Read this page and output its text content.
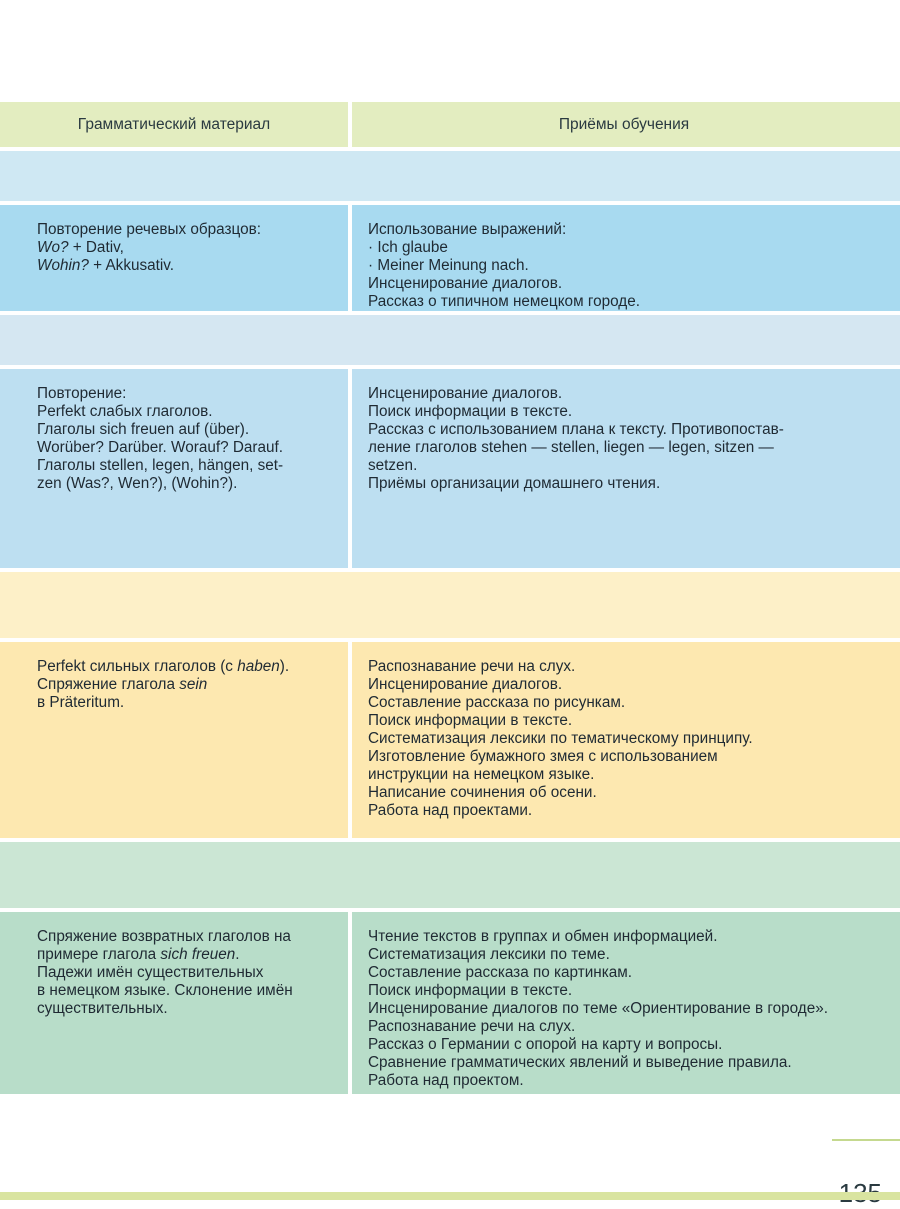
Грамматический материал	Приёмы обучения
Повторение речевых образцов:
Wo? + Dativ,
Wohin? + Akkusativ.
Использование выражений:
· Ich glaube
· Meiner Meinung nach.
Инсценирование диалогов.
Рассказ о типичном немецком городе.
Повторение:
Perfekt слабых глаголов.
Глаголы sich freuen auf (über).
Worüber? Darüber. Worauf? Darauf.
Глаголы stellen, legen, hängen, set-
zen (Was?, Wen?), (Wohin?).
Инсценирование диалогов.
Поиск информации в тексте.
Рассказ с использованием плана к тексту. Противопостав-
ление глаголов stehen — stellen, liegen — legen, sitzen —
setzen.
Приёмы организации домашнего чтения.
Perfekt сильных глаголов (с haben).
Спряжение глагола sein
в Präteritum.
Распознавание речи на слух.
Инсценирование диалогов.
Составление рассказа по рисункам.
Поиск информации в тексте.
Систематизация лексики по тематическому принципу.
Изготовление бумажного змея с использованием
инструкции на немецком языке.
Написание сочинения об осени.
Работа над проектами.
Спряжение возвратных глаголов на
примере глагола sich freuen.
Падежи имён существительных
в немецком языке. Склонение имён
существительных.
Чтение текстов в группах и обмен информацией.
Систематизация лексики по теме.
Составление рассказа по картинкам.
Поиск информации в тексте.
Инсценирование диалогов по теме «Ориентирование в городе».
Распознавание речи на слух.
Рассказ о Германии с опорой на карту и вопросы.
Сравнение грамматических явлений и выведение правила.
Работа над проектом.
